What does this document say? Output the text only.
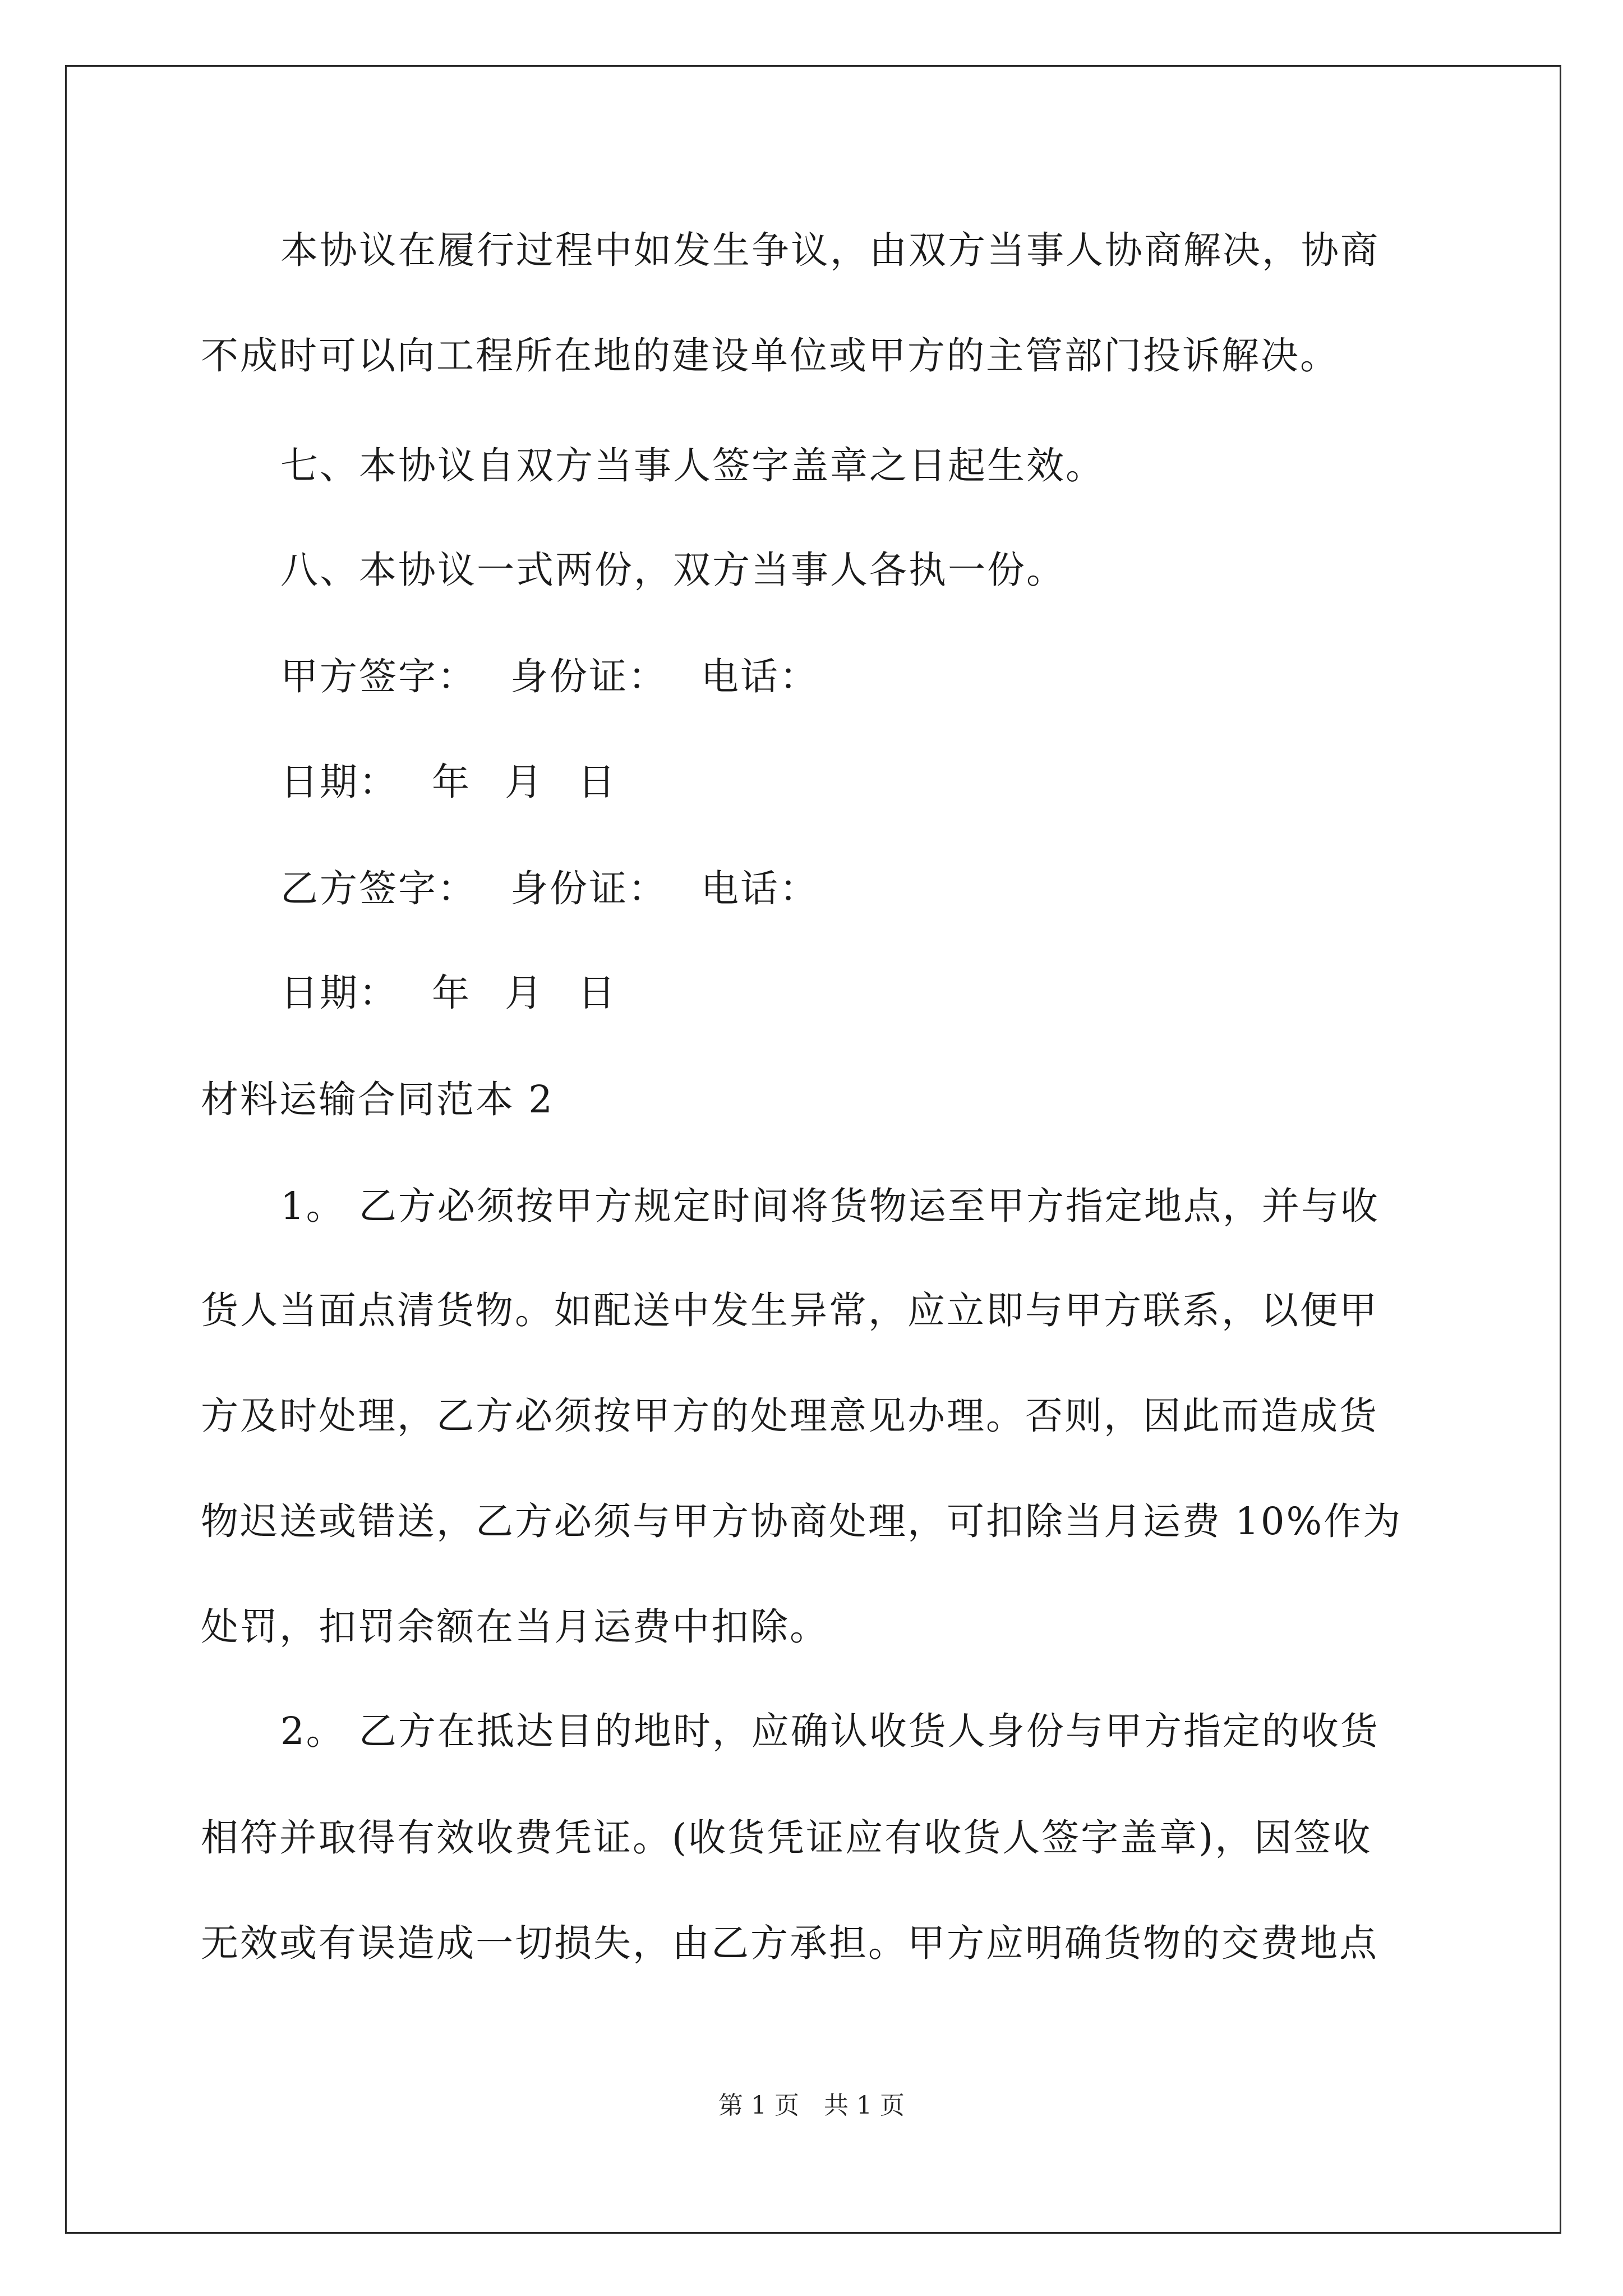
本协议在履行过程中如发生争议，由双方当事人协商解决，协商
不成时可以向工程所在地的建设单位或甲方的主管部门投诉解决。
七、本协议自双方当事人签字盖章之日起生效。
八、本协议一式两份，双方当事人各执一份。
甲方签字： 身份证： 电话：
日期： 年 月 日
乙方签字： 身份证： 电话：
日期： 年 月 日
材料运输合同范本 2
1。 乙方必须按甲方规定时间将货物运至甲方指定地点，并与收
货人当面点清货物。如配送中发生异常，应立即与甲方联系，以便甲
方及时处理，乙方必须按甲方的处理意见办理。否则，因此而造成货
物迟送或错送，乙方必须与甲方协商处理，可扣除当月运费 10%作为
处罚，扣罚余额在当月运费中扣除。
2。 乙方在抵达目的地时，应确认收货人身份与甲方指定的收货
相符并取得有效收费凭证。(收货凭证应有收货人签字盖章)，因签收
无效或有误造成一切损失，由乙方承担。甲方应明确货物的交费地点
第 1 页　共 1 页
